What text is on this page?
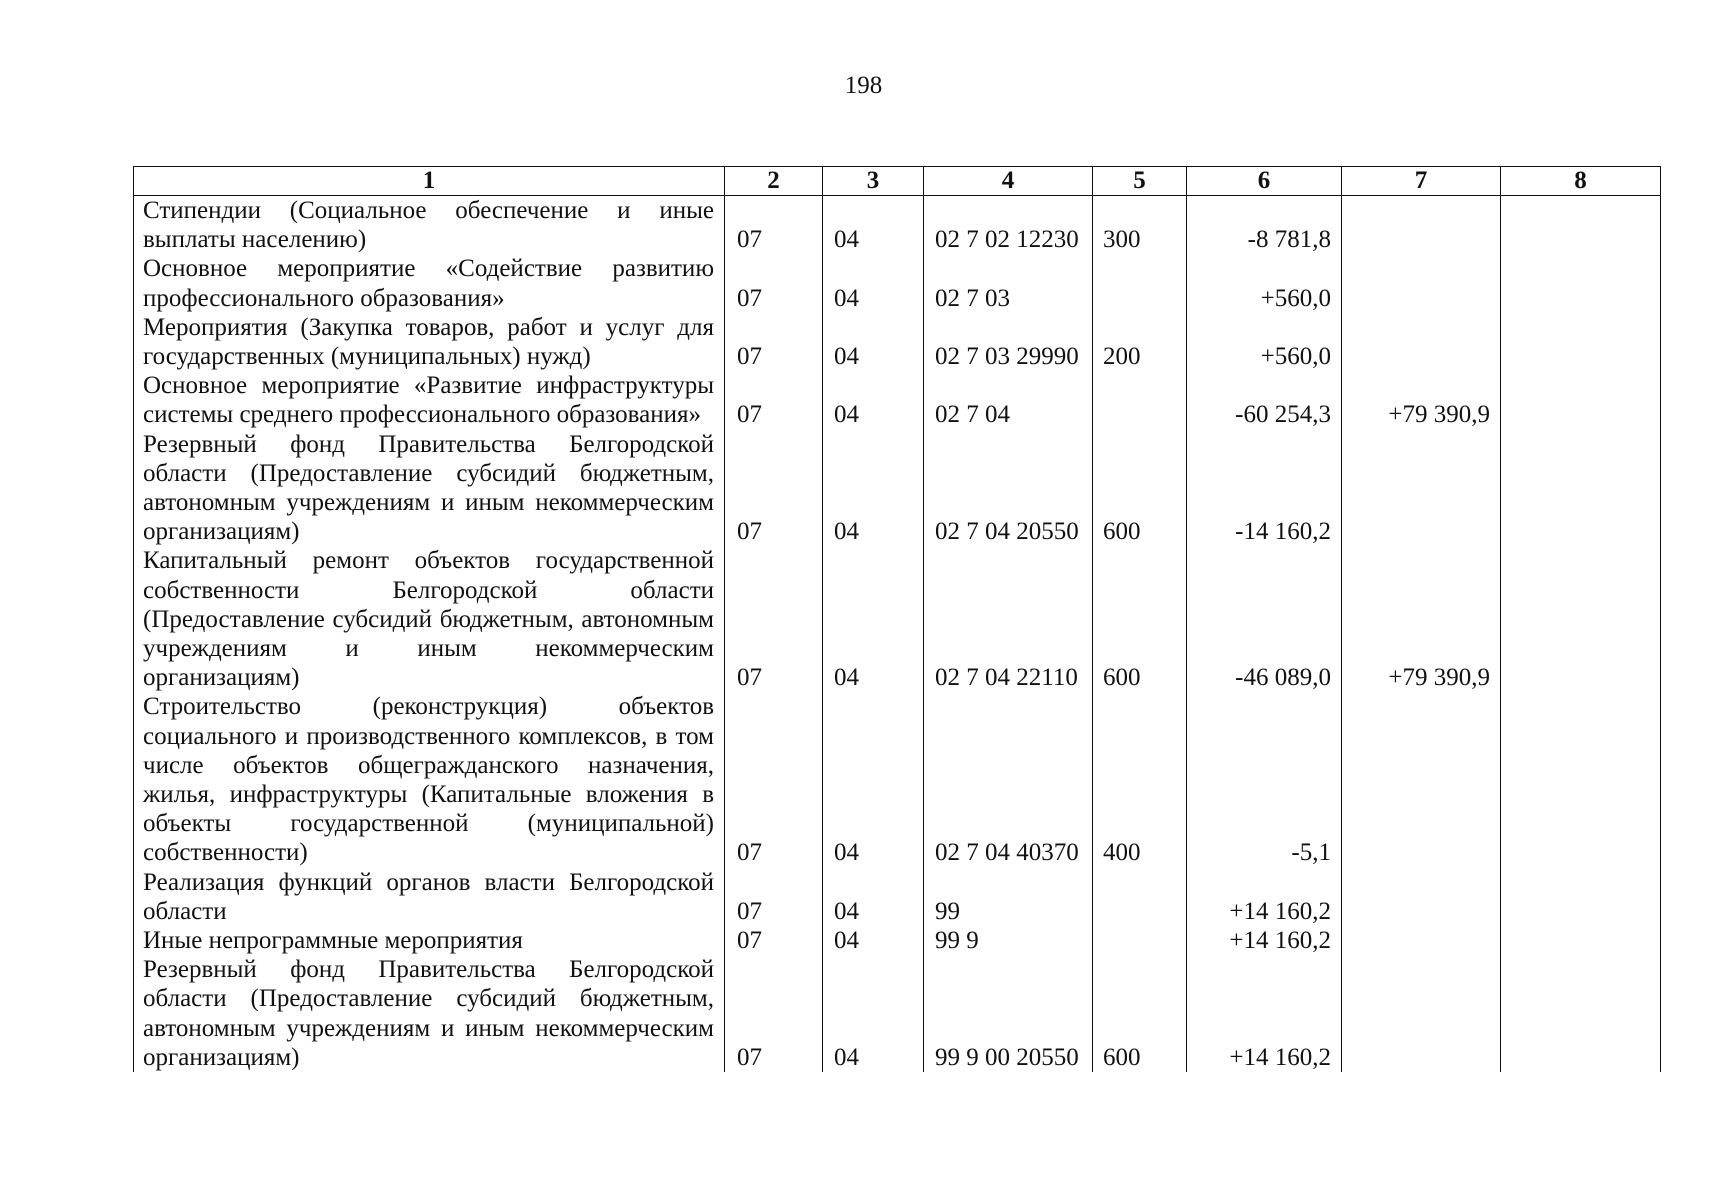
198
1	2	3	4	5	6	7	8
Стипендии (Социальное обеспечение и иные выплаты населению)	07	04	02 7 02 12230	300	-8 781,8		
Основное мероприятие «Содействие развитию профессионального образования»	07	04	02 7 03		+560,0		
Мероприятия (Закупка товаров, работ и услуг для государственных (муниципальных) нужд)	07	04	02 7 03 29990	200	+560,0		
Основное мероприятие «Развитие инфраструктуры системы среднего профессионального образования»	07	04	02 7 04		-60 254,3	+79 390,9	
Резервный фонд Правительства Белгородской области (Предоставление субсидий бюджетным, автономным учреждениям и иным некоммерческим организациям)	07	04	02 7 04 20550	600	-14 160,2		
Капитальный ремонт объектов государственной собственности Белгородской области (Предоставление субсидий бюджетным, автономным учреждениям и иным некоммерческим организациям)	07	04	02 7 04 22110	600	-46 089,0	+79 390,9	
Строительство (реконструкция) объектов социального и производственного комплексов, в том числе объектов общегражданского назначения, жилья, инфраструктуры (Капитальные вложения в объекты государственной (муниципальной) собственности)	07	04	02 7 04 40370	400	-5,1		
Реализация функций органов власти Белгородской области	07	04	99		+14 160,2		
Иные непрограммные мероприятия	07	04	99 9		+14 160,2		
Резервный фонд Правительства Белгородской области (Предоставление субсидий бюджетным, автономным учреждениям и иным некоммерческим организациям)	07	04	99 9 00 20550	600	+14 160,2		
